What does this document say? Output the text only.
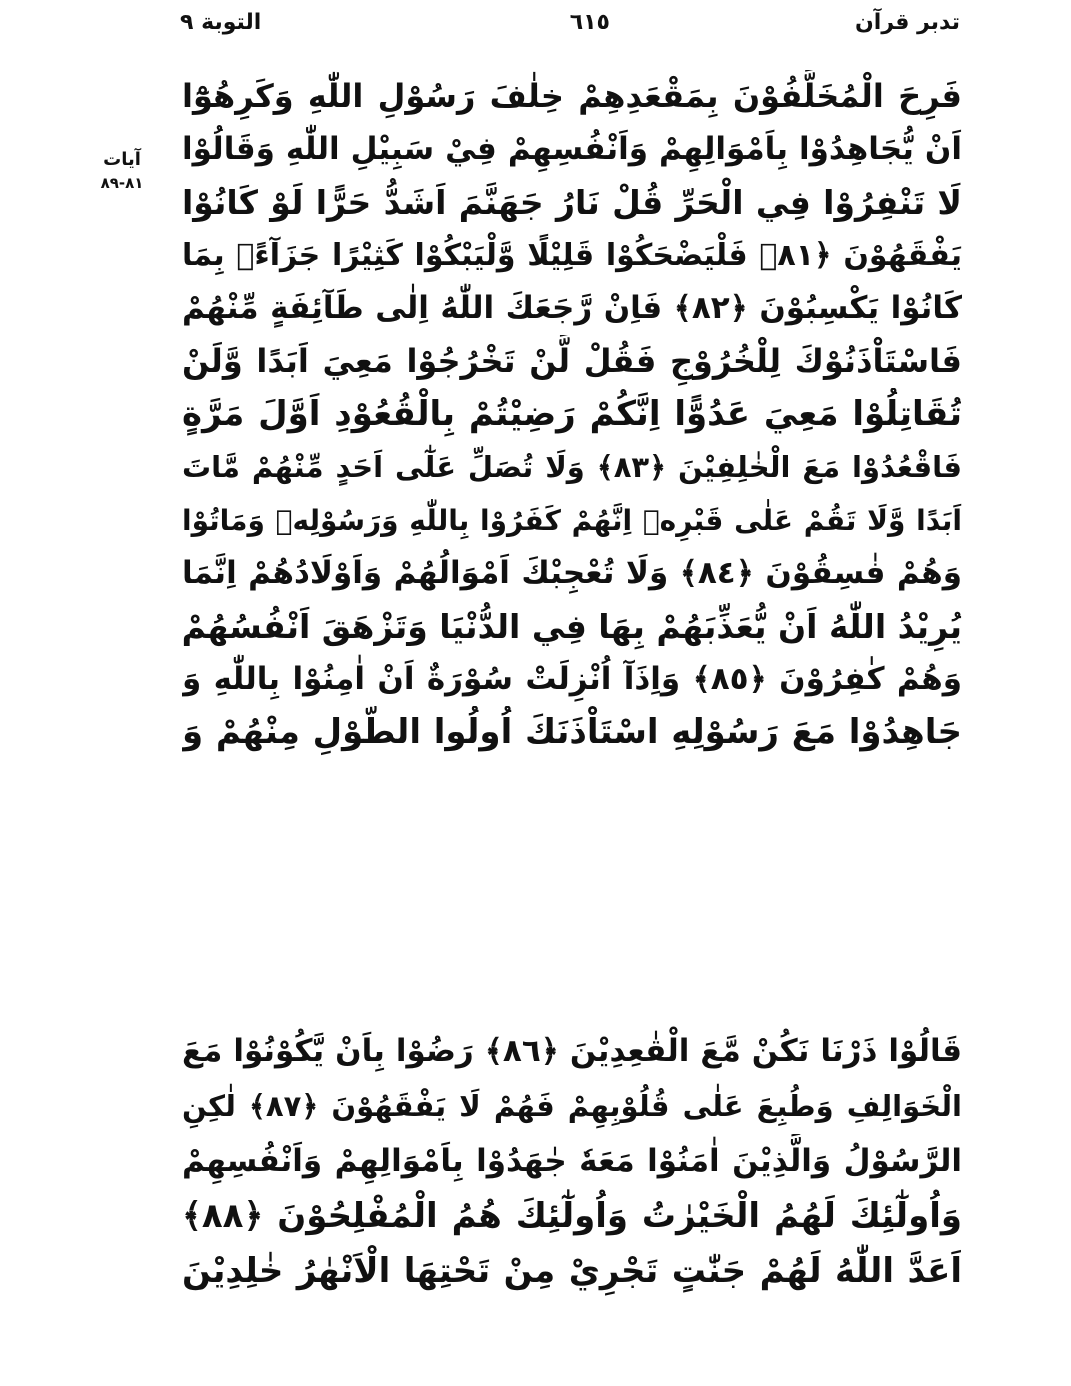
تدبر قرآن
٦١٥
التوبة ٩
آيات
٨١-٨٩
فَرِحَ الْمُخَلَّفُوْنَ بِمَقْعَدِهِمْ خِلٰفَ رَسُوْلِ اللّٰهِ وَكَرِهُوْٓا
اَنْ يُّجَاهِدُوْا بِاَمْوَالِهِمْ وَاَنْفُسِهِمْ فِيْ سَبِيْلِ اللّٰهِ وَقَالُوْا
لَا تَنْفِرُوْا فِي الْحَرِّ قُلْ نَارُ جَهَنَّمَ اَشَدُّ حَرًّا لَوْ كَانُوْا
يَفْقَهُوْنَ ﴿٨١﴾ فَلْيَضْحَكُوْا قَلِيْلًا وَّلْيَبْكُوْا كَثِيْرًا جَزَآءًۢ بِمَا
كَانُوْا يَكْسِبُوْنَ ﴿٨٢﴾ فَاِنْ رَّجَعَكَ اللّٰهُ اِلٰى طَآئِفَةٍ مِّنْهُمْ
فَاسْتَاْذَنُوْكَ لِلْخُرُوْجِ فَقُلْ لَّنْ تَخْرُجُوْا مَعِيَ اَبَدًا وَّلَنْ
تُقَاتِلُوْا مَعِيَ عَدُوًّا اِنَّكُمْ رَضِيْتُمْ بِالْقُعُوْدِ اَوَّلَ مَرَّةٍ
فَاقْعُدُوْا مَعَ الْخٰلِفِيْنَ ﴿٨٣﴾ وَلَا تُصَلِّ عَلٰٓى اَحَدٍ مِّنْهُمْ مَّاتَ
اَبَدًا وَّلَا تَقُمْ عَلٰى قَبْرِهٖ اِنَّهُمْ كَفَرُوْا بِاللّٰهِ وَرَسُوْلِهٖ وَمَاتُوْا
وَهُمْ فٰسِقُوْنَ ﴿٨٤﴾ وَلَا تُعْجِبْكَ اَمْوَالُهُمْ وَاَوْلَادُهُمْ اِنَّمَا
يُرِيْدُ اللّٰهُ اَنْ يُّعَذِّبَهُمْ بِهَا فِي الدُّنْيَا وَتَزْهَقَ اَنْفُسُهُمْ
وَهُمْ كٰفِرُوْنَ ﴿٨٥﴾ وَاِذَآ اُنْزِلَتْ سُوْرَةٌ اَنْ اٰمِنُوْا بِاللّٰهِ وَ
جَاهِدُوْا مَعَ رَسُوْلِهِ اسْتَاْذَنَكَ اُولُوا الطَّوْلِ مِنْهُمْ وَ
قَالُوْا ذَرْنَا نَكُنْ مَّعَ الْقٰعِدِيْنَ ﴿٨٦﴾ رَضُوْا بِاَنْ يَّكُوْنُوْا مَعَ
الْخَوَالِفِ وَطُبِعَ عَلٰى قُلُوْبِهِمْ فَهُمْ لَا يَفْقَهُوْنَ ﴿٨٧﴾ لٰكِنِ
الرَّسُوْلُ وَالَّذِيْنَ اٰمَنُوْا مَعَهٗ جٰهَدُوْا بِاَمْوَالِهِمْ وَاَنْفُسِهِمْ
وَاُولٰٓئِكَ لَهُمُ الْخَيْرٰتُ وَاُولٰٓئِكَ هُمُ الْمُفْلِحُوْنَ ﴿٨٨﴾
اَعَدَّ اللّٰهُ لَهُمْ جَنّٰتٍ تَجْرِيْ مِنْ تَحْتِهَا الْاَنْهٰرُ خٰلِدِيْنَ
